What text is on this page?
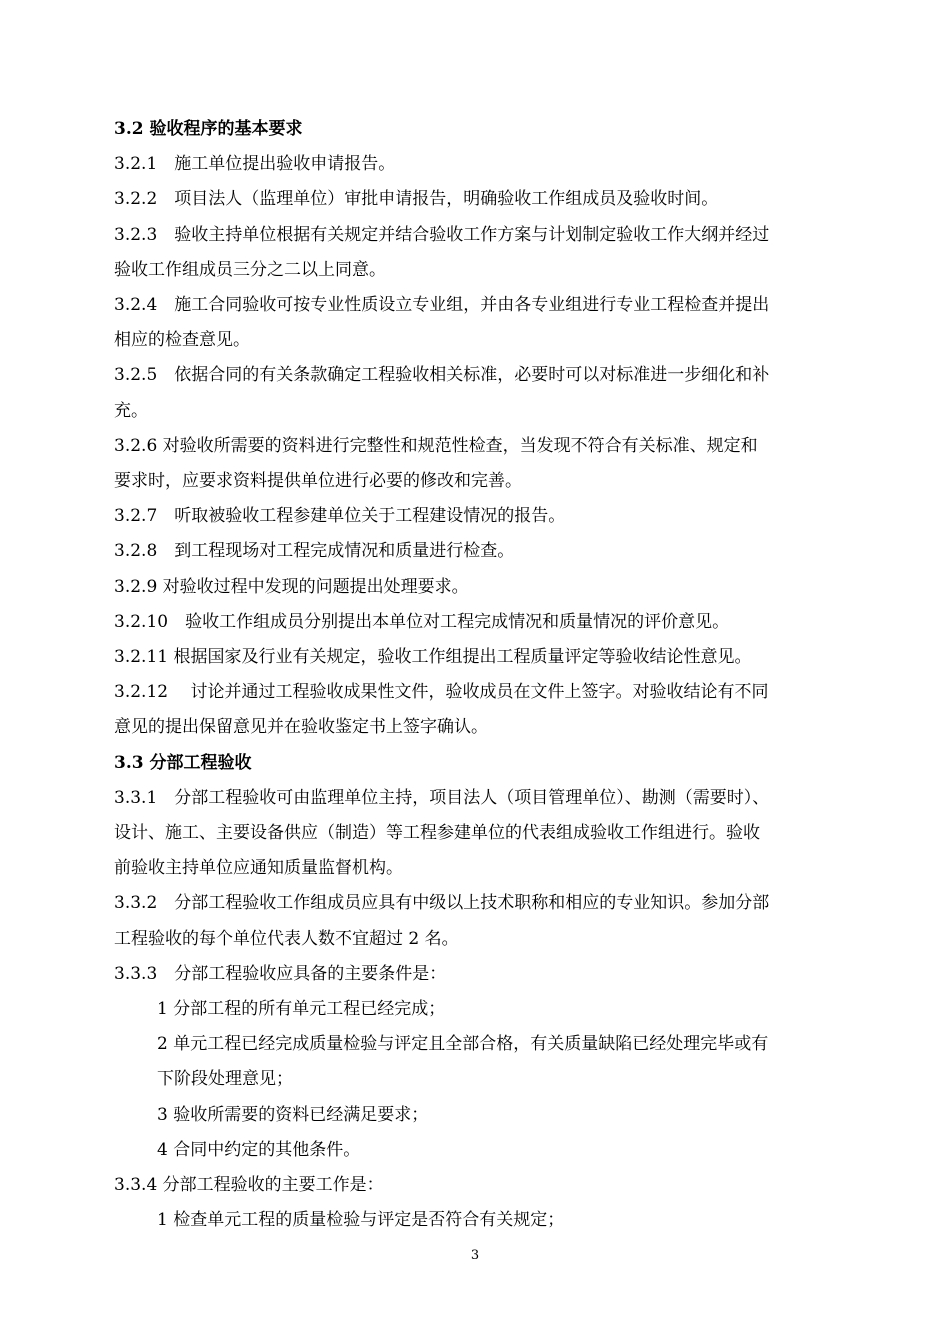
3.2 验收程序的基本要求

3.2.1　施工单位提出验收申请报告。

3.2.2　项目法人（监理单位）审批申请报告，明确验收工作组成员及验收时间。

3.2.3　验收主持单位根据有关规定并结合验收工作方案与计划制定验收工作大纲并经过

验收工作组成员三分之二以上同意。

3.2.4　施工合同验收可按专业性质设立专业组，并由各专业组进行专业工程检查并提出

相应的检查意见。

3.2.5　依据合同的有关条款确定工程验收相关标准，必要时可以对标准进一步细化和补

充。

3.2.6 对验收所需要的资料进行完整性和规范性检查，当发现不符合有关标准、规定和

要求时，应要求资料提供单位进行必要的修改和完善。

3.2.7　听取被验收工程参建单位关于工程建设情况的报告。

3.2.8　到工程现场对工程完成情况和质量进行检查。

3.2.9 对验收过程中发现的问题提出处理要求。

3.2.10　验收工作组成员分别提出本单位对工程完成情况和质量情况的评价意见。

3.2.11 根据国家及行业有关规定，验收工作组提出工程质量评定等验收结论性意见。

3.2.12　 讨论并通过工程验收成果性文件，验收成员在文件上签字。对验收结论有不同

意见的提出保留意见并在验收鉴定书上签字确认。

3.3 分部工程验收

3.3.1　分部工程验收可由监理单位主持，项目法人（项目管理单位）、勘测（需要时）、

设计、施工、主要设备供应（制造）等工程参建单位的代表组成验收工作组进行。验收

前验收主持单位应通知质量监督机构。

3.3.2　分部工程验收工作组成员应具有中级以上技术职称和相应的专业知识。参加分部

工程验收的每个单位代表人数不宜超过 2 名。

3.3.3　分部工程验收应具备的主要条件是：

1 分部工程的所有单元工程已经完成；

2 单元工程已经完成质量检验与评定且全部合格，有关质量缺陷已经处理完毕或有

下阶段处理意见；

3 验收所需要的资料已经满足要求；

4 合同中约定的其他条件。

3.3.4 分部工程验收的主要工作是：

1 检查单元工程的质量检验与评定是否符合有关规定；

3
